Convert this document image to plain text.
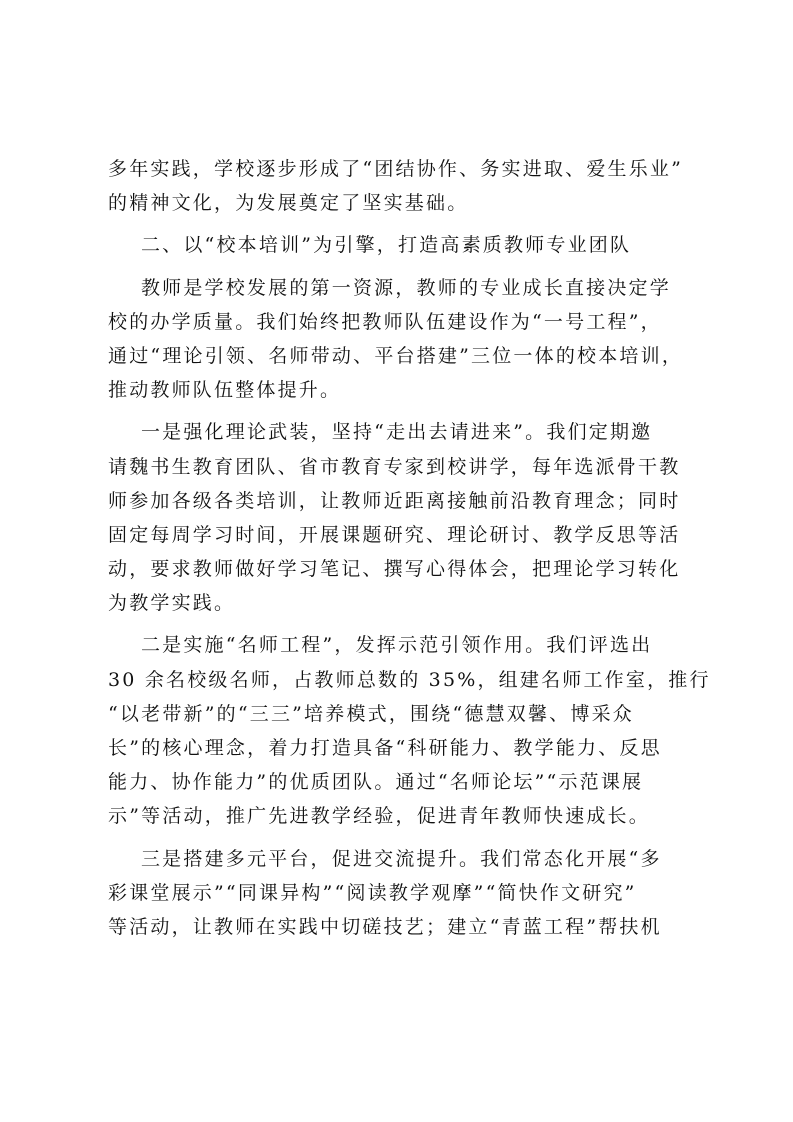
多年实践，学校逐步形成了“团结协作、务实进取、爱生乐业”
的精神文化，为发展奠定了坚实基础。
二、以“校本培训”为引擎，打造高素质教师专业团队
教师是学校发展的第一资源，教师的专业成长直接决定学
校的办学质量。我们始终把教师队伍建设作为“一号工程”，
通过“理论引领、名师带动、平台搭建”三位一体的校本培训，
推动教师队伍整体提升。
一是强化理论武装，坚持“走出去请进来”。我们定期邀
请魏书生教育团队、省市教育专家到校讲学，每年选派骨干教
师参加各级各类培训，让教师近距离接触前沿教育理念；同时
固定每周学习时间，开展课题研究、理论研讨、教学反思等活
动，要求教师做好学习笔记、撰写心得体会，把理论学习转化
为教学实践。
二是实施“名师工程”，发挥示范引领作用。我们评选出
30 余名校级名师，占教师总数的 35%，组建名师工作室，推行
“以老带新”的“三三”培养模式，围绕“德慧双馨、博采众
长”的核心理念，着力打造具备“科研能力、教学能力、反思
能力、协作能力”的优质团队。通过“名师论坛”“示范课展
示”等活动，推广先进教学经验，促进青年教师快速成长。
三是搭建多元平台，促进交流提升。我们常态化开展“多
彩课堂展示”“同课异构”“阅读教学观摩”“简快作文研究”
等活动，让教师在实践中切磋技艺；建立“青蓝工程”帮扶机
